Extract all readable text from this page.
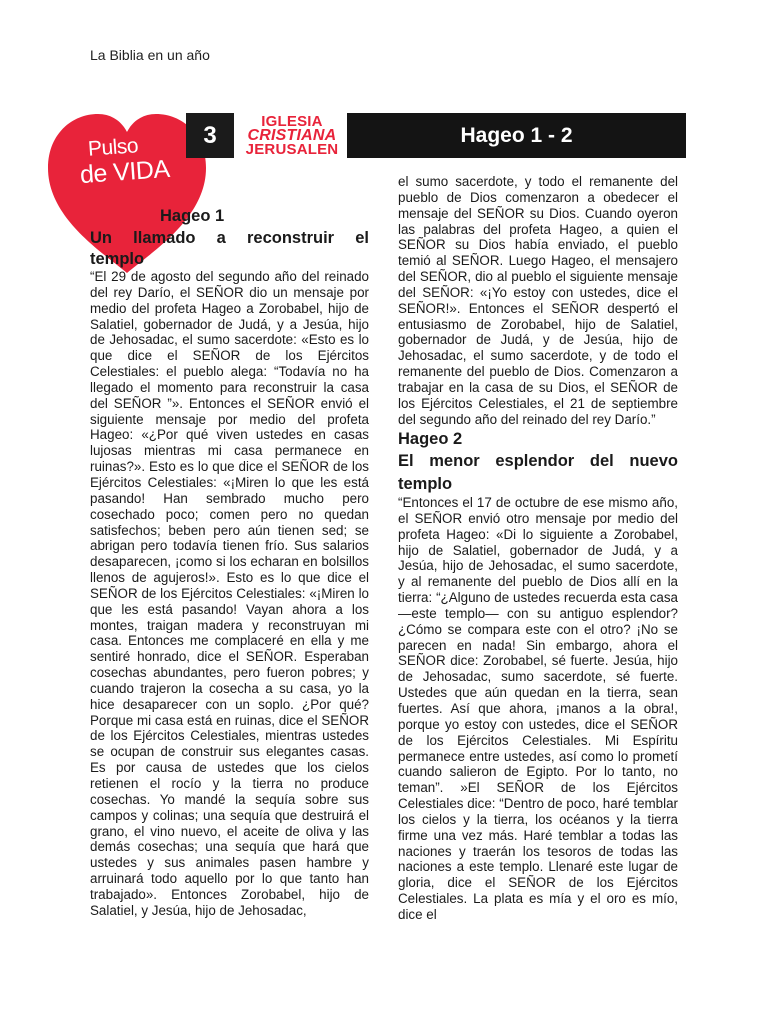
La Biblia en un año
Pulso
de VIDA
3	IGLESIA
CRISTIANA
JERUSALEN
Hageo 1 - 2

Hageo 1

Un llamado a reconstruir el

templo

“El 29 de agosto del segundo año del reinado del rey Darío, el SEÑOR dio un mensaje por medio del profeta Hageo a Zorobabel, hijo de Salatiel, gobernador de Judá, y a Jesúa, hijo de Jehosadac, el sumo sacerdote: «Esto es lo que dice el SEÑOR de los Ejércitos Celestiales: el pueblo alega: “Todavía no ha llegado el momento para reconstruir la casa del SEÑOR ”». Entonces el SEÑOR envió el siguiente mensaje por medio del profeta Hageo: «¿Por qué viven ustedes en casas lujosas mientras mi casa permanece en ruinas?». Esto es lo que dice el SEÑOR de los Ejércitos Celestiales: «¡Miren lo que les está pasando! Han sembrado mucho pero cosechado poco; comen pero no quedan satisfechos; beben pero aún tienen sed; se abrigan pero todavía tienen frío. Sus salarios desaparecen, ¡como si los echaran en bolsillos llenos de agujeros!». Esto es lo que dice el SEÑOR de los Ejércitos Celestiales: «¡Miren lo que les está pasando! Vayan ahora a los montes, traigan madera y reconstruyan mi casa. Entonces me complaceré en ella y me sentiré honrado, dice el SEÑOR. Esperaban cosechas abundantes, pero fueron pobres; y cuando trajeron la cosecha a su casa, yo la hice desaparecer con un soplo. ¿Por qué? Porque mi casa está en ruinas, dice el SEÑOR de los Ejércitos Celestiales, mientras ustedes se ocupan de construir sus elegantes casas. Es por causa de ustedes que los cielos retienen el rocío y la tierra no produce cosechas. Yo mandé la sequía sobre sus campos y colinas; una sequía que destruirá el grano, el vino nuevo, el aceite de oliva y las demás cosechas; una sequía que hará que ustedes y sus animales pasen hambre y arruinará todo aquello por lo que tanto han trabajado». Entonces Zorobabel, hijo de Salatiel, y Jesúa, hijo de Jehosadac,

el sumo sacerdote, y todo el remanente del pueblo de Dios comenzaron a obedecer el mensaje del SEÑOR su Dios. Cuando oyeron las palabras del profeta Hageo, a quien el SEÑOR su Dios había enviado, el pueblo temió al SEÑOR. Luego Hageo, el mensajero del SEÑOR, dio al pueblo el siguiente mensaje del SEÑOR: «¡Yo estoy con ustedes, dice el SEÑOR!». Entonces el SEÑOR despertó el entusiasmo de Zorobabel, hijo de Salatiel, gobernador de Judá, y de Jesúa, hijo de Jehosadac, el sumo sacerdote, y de todo el remanente del pueblo de Dios. Comenzaron a trabajar en la casa de su Dios, el SEÑOR de los Ejércitos Celestiales, el 21 de septiembre del segundo año del reinado del rey Darío.”

Hageo 2

El menor esplendor del nuevo

templo

“Entonces el 17 de octubre de ese mismo año, el SEÑOR envió otro mensaje por medio del profeta Hageo: «Di lo siguiente a Zorobabel, hijo de Salatiel, gobernador de Judá, y a Jesúa, hijo de Jehosadac, el sumo sacerdote, y al remanente del pueblo de Dios allí en la tierra: “¿Alguno de ustedes recuerda esta casa —este templo— con su antiguo esplendor? ¿Cómo se compara este con el otro? ¡No se parecen en nada! Sin embargo, ahora el SEÑOR dice: Zorobabel, sé fuerte. Jesúa, hijo de Jehosadac, sumo sacerdote, sé fuerte. Ustedes que aún quedan en la tierra, sean fuertes. Así que ahora, ¡manos a la obra!, porque yo estoy con ustedes, dice el SEÑOR de los Ejércitos Celestiales. Mi Espíritu permanece entre ustedes, así como lo prometí cuando salieron de Egipto. Por lo tanto, no teman”. »El SEÑOR de los Ejércitos Celestiales dice: “Dentro de poco, haré temblar los cielos y la tierra, los océanos y la tierra firme una vez más. Haré temblar a todas las naciones y traerán los tesoros de todas las naciones a este templo. Llenaré este lugar de gloria, dice el SEÑOR de los Ejércitos Celestiales. La plata es mía y el oro es mío, dice el
